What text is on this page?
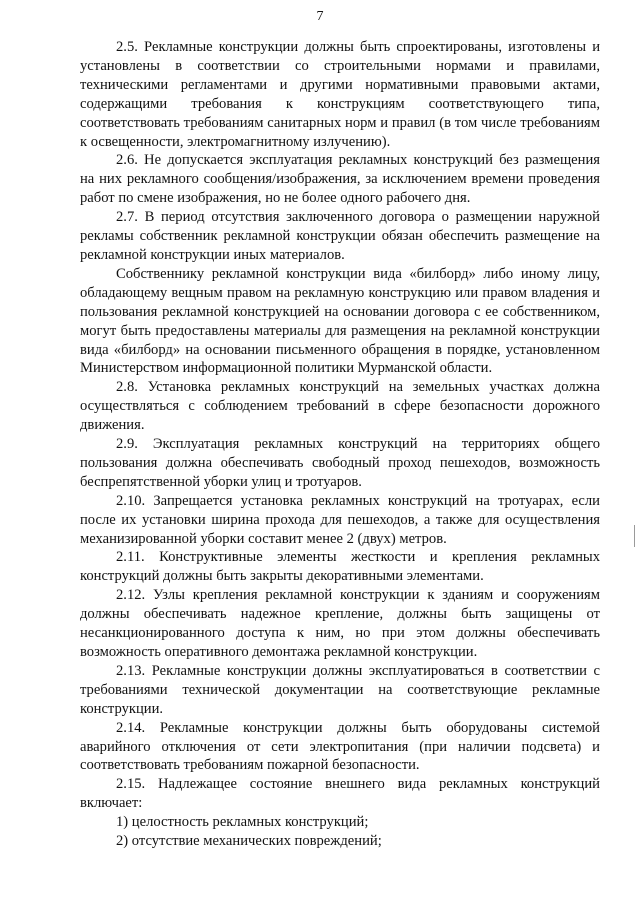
7

2.5. Рекламные конструкции должны быть спроектированы, изготовлены и установлены в соответствии со строительными нормами и правилами, техническими регламентами и другими нормативными правовыми актами, содержащими требования к конструкциям соответствующего типа, соответствовать требованиям санитарных норм и правил (в том числе требованиям к освещенности, электромагнитному излучению).

2.6. Не допускается эксплуатация рекламных конструкций без размещения на них рекламного сообщения/изображения, за исключением времени проведения работ по смене изображения, но не более одного рабочего дня.

2.7. В период отсутствия заключенного договора о размещении наружной рекламы собственник рекламной конструкции обязан обеспечить размещение на рекламной конструкции иных материалов.

Собственнику рекламной конструкции вида «билборд» либо иному лицу, обладающему вещным правом на рекламную конструкцию или правом владения и пользования рекламной конструкцией на основании договора с ее собственником, могут быть предоставлены материалы для размещения на рекламной конструкции вида «билборд» на основании письменного обращения в порядке, установленном Министерством информационной политики Мурманской области.

2.8. Установка рекламных конструкций на земельных участках должна осуществляться с соблюдением требований в сфере безопасности дорожного движения.

2.9. Эксплуатация рекламных конструкций на территориях общего пользования должна обеспечивать свободный проход пешеходов, возможность беспрепятственной уборки улиц и тротуаров.

2.10. Запрещается установка рекламных конструкций на тротуарах, если после их установки ширина прохода для пешеходов, а также для осуществления механизированной уборки составит менее 2 (двух) метров.

2.11. Конструктивные элементы жесткости и крепления рекламных конструкций должны быть закрыты декоративными элементами.

2.12. Узлы крепления рекламной конструкции к зданиям и сооружениям должны обеспечивать надежное крепление, должны быть защищены от несанкционированного доступа к ним, но при этом должны обеспечивать возможность оперативного демонтажа рекламной конструкции.

2.13. Рекламные конструкции должны эксплуатироваться в соответствии с требованиями технической документации на соответствующие рекламные конструкции.

2.14. Рекламные конструкции должны быть оборудованы системой аварийного отключения от сети электропитания (при наличии подсвета) и соответствовать требованиям пожарной безопасности.

2.15. Надлежащее состояние внешнего вида рекламных конструкций включает:

1) целостность рекламных конструкций;

2) отсутствие механических повреждений;
